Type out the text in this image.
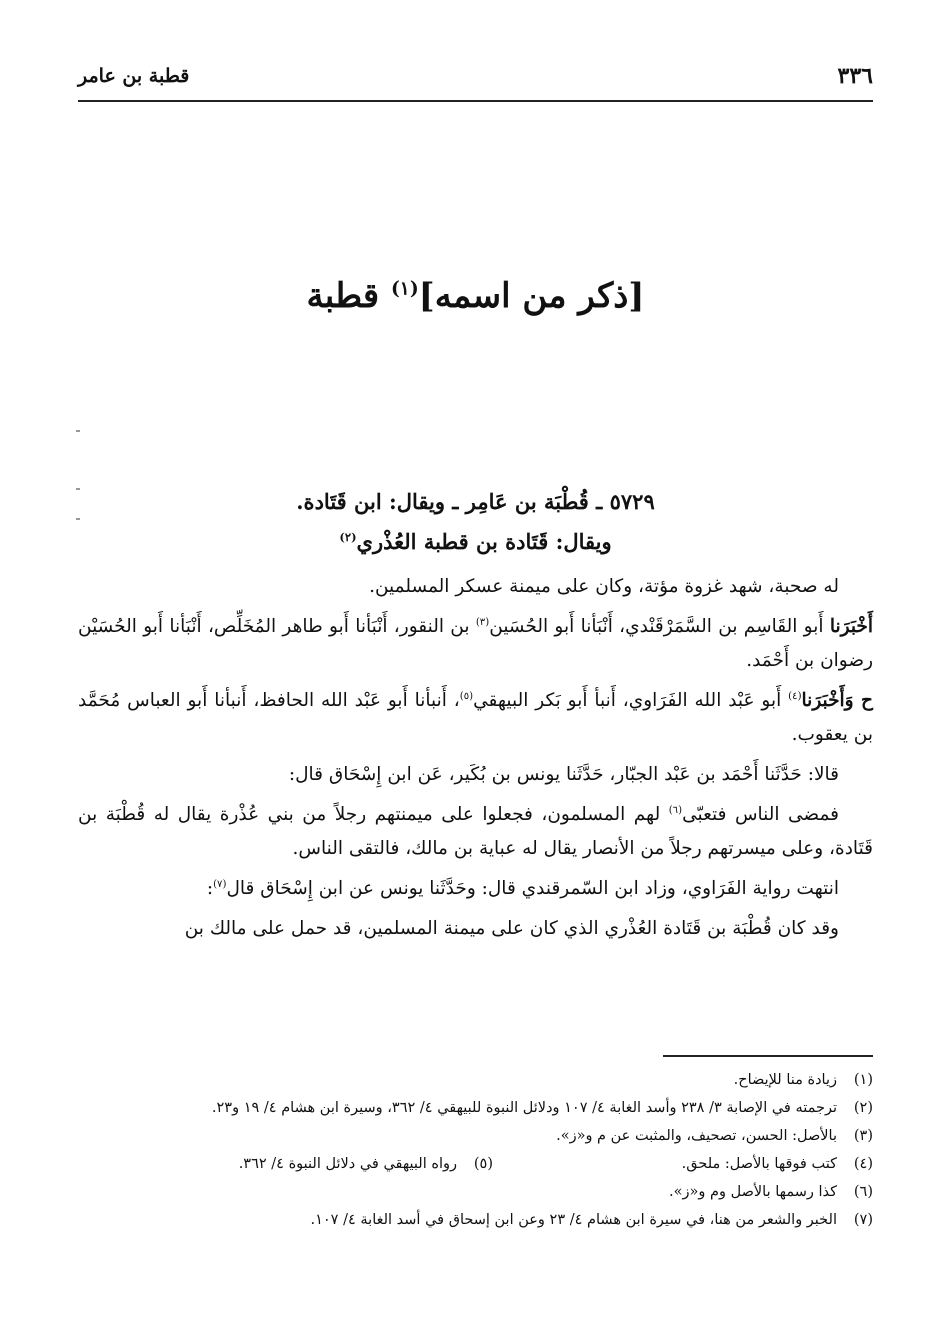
٣٣٦
قطبة بن عامر
[ذكر من اسمه]$^{(١)}$ قطبة
٥٧٢٩ ـ قُطْبَة بن عَامِر ـ ويقال: ابن قَتَادة.
ويقال: قَتَادة بن قطبة العُذْري$^{(٢)}$

له صحبة، شهد غزوة مؤتة، وكان على ميمنة عسكر المسلمين.

أَخْبَرَنا أَبو القَاسِم بن السَّمَرْقَنْدي، أَنْبَأنا أَبو الحُسَين$^{(٣)}$ بن النقور، أَنْبَأنا أَبو طاهر المُخَلِّص، أَنْبَأنا أَبو الحُسَيْن رضوان بن أَحْمَد.

ح وَأَخْبَرَنا$^{(٤)}$ أَبو عَبْد الله الفَرَاوي، أَنبأ أَبو بَكر البيهقي$^{(٥)}$، أَنبأنا أَبو عَبْد الله الحافظ، أَنبأنا أَبو العباس مُحَمَّد بن يعقوب.

قالا: حَدَّثَنا أَحْمَد بن عَبْد الجبّار، حَدَّثَنا يونس بن بُكَير، عَن ابن إِسْحَاق قال:

فمضى الناس فتعبّى$^{(٦)}$ لهم المسلمون، فجعلوا على ميمنتهم رجلاً من بني عُذْرة يقال له قُطْبَة بن قَتَادة، وعلى ميسرتهم رجلاً من الأنصار يقال له عباية بن مالك، فالتقى الناس.

انتهت رواية الفَرَاوي، وزاد ابن السّمرقندي قال: وحَدَّثَنا يونس عن ابن إِسْحَاق قال$^{(٧)}$:

وقد كان قُطْبَة بن قَتَادة العُذْري الذي كان على ميمنة المسلمين، قد حمل على مالك بن

(١)
زيادة منا للإيضاح.
(٢)
ترجمته في الإصابة ٣/ ٢٣٨ وأسد الغابة ٤/ ١٠٧ ودلائل النبوة للبيهقي ٤/ ٣٦٢، وسيرة ابن هشام ٤/ ١٩ و٢٣.
(٣)
بالأصل: الحسن، تصحيف، والمثبت عن م و«ز».
(٤)
كتب فوقها بالأصل: ملحق.
(٥)
رواه البيهقي في دلائل النبوة ٤/ ٣٦٢.
(٦)
كذا رسمها بالأصل وم و«ز».
(٧)
الخبر والشعر من هنا، في سيرة ابن هشام ٤/ ٢٣ وعن ابن إسحاق في أسد الغابة ٤/ ١٠٧.
